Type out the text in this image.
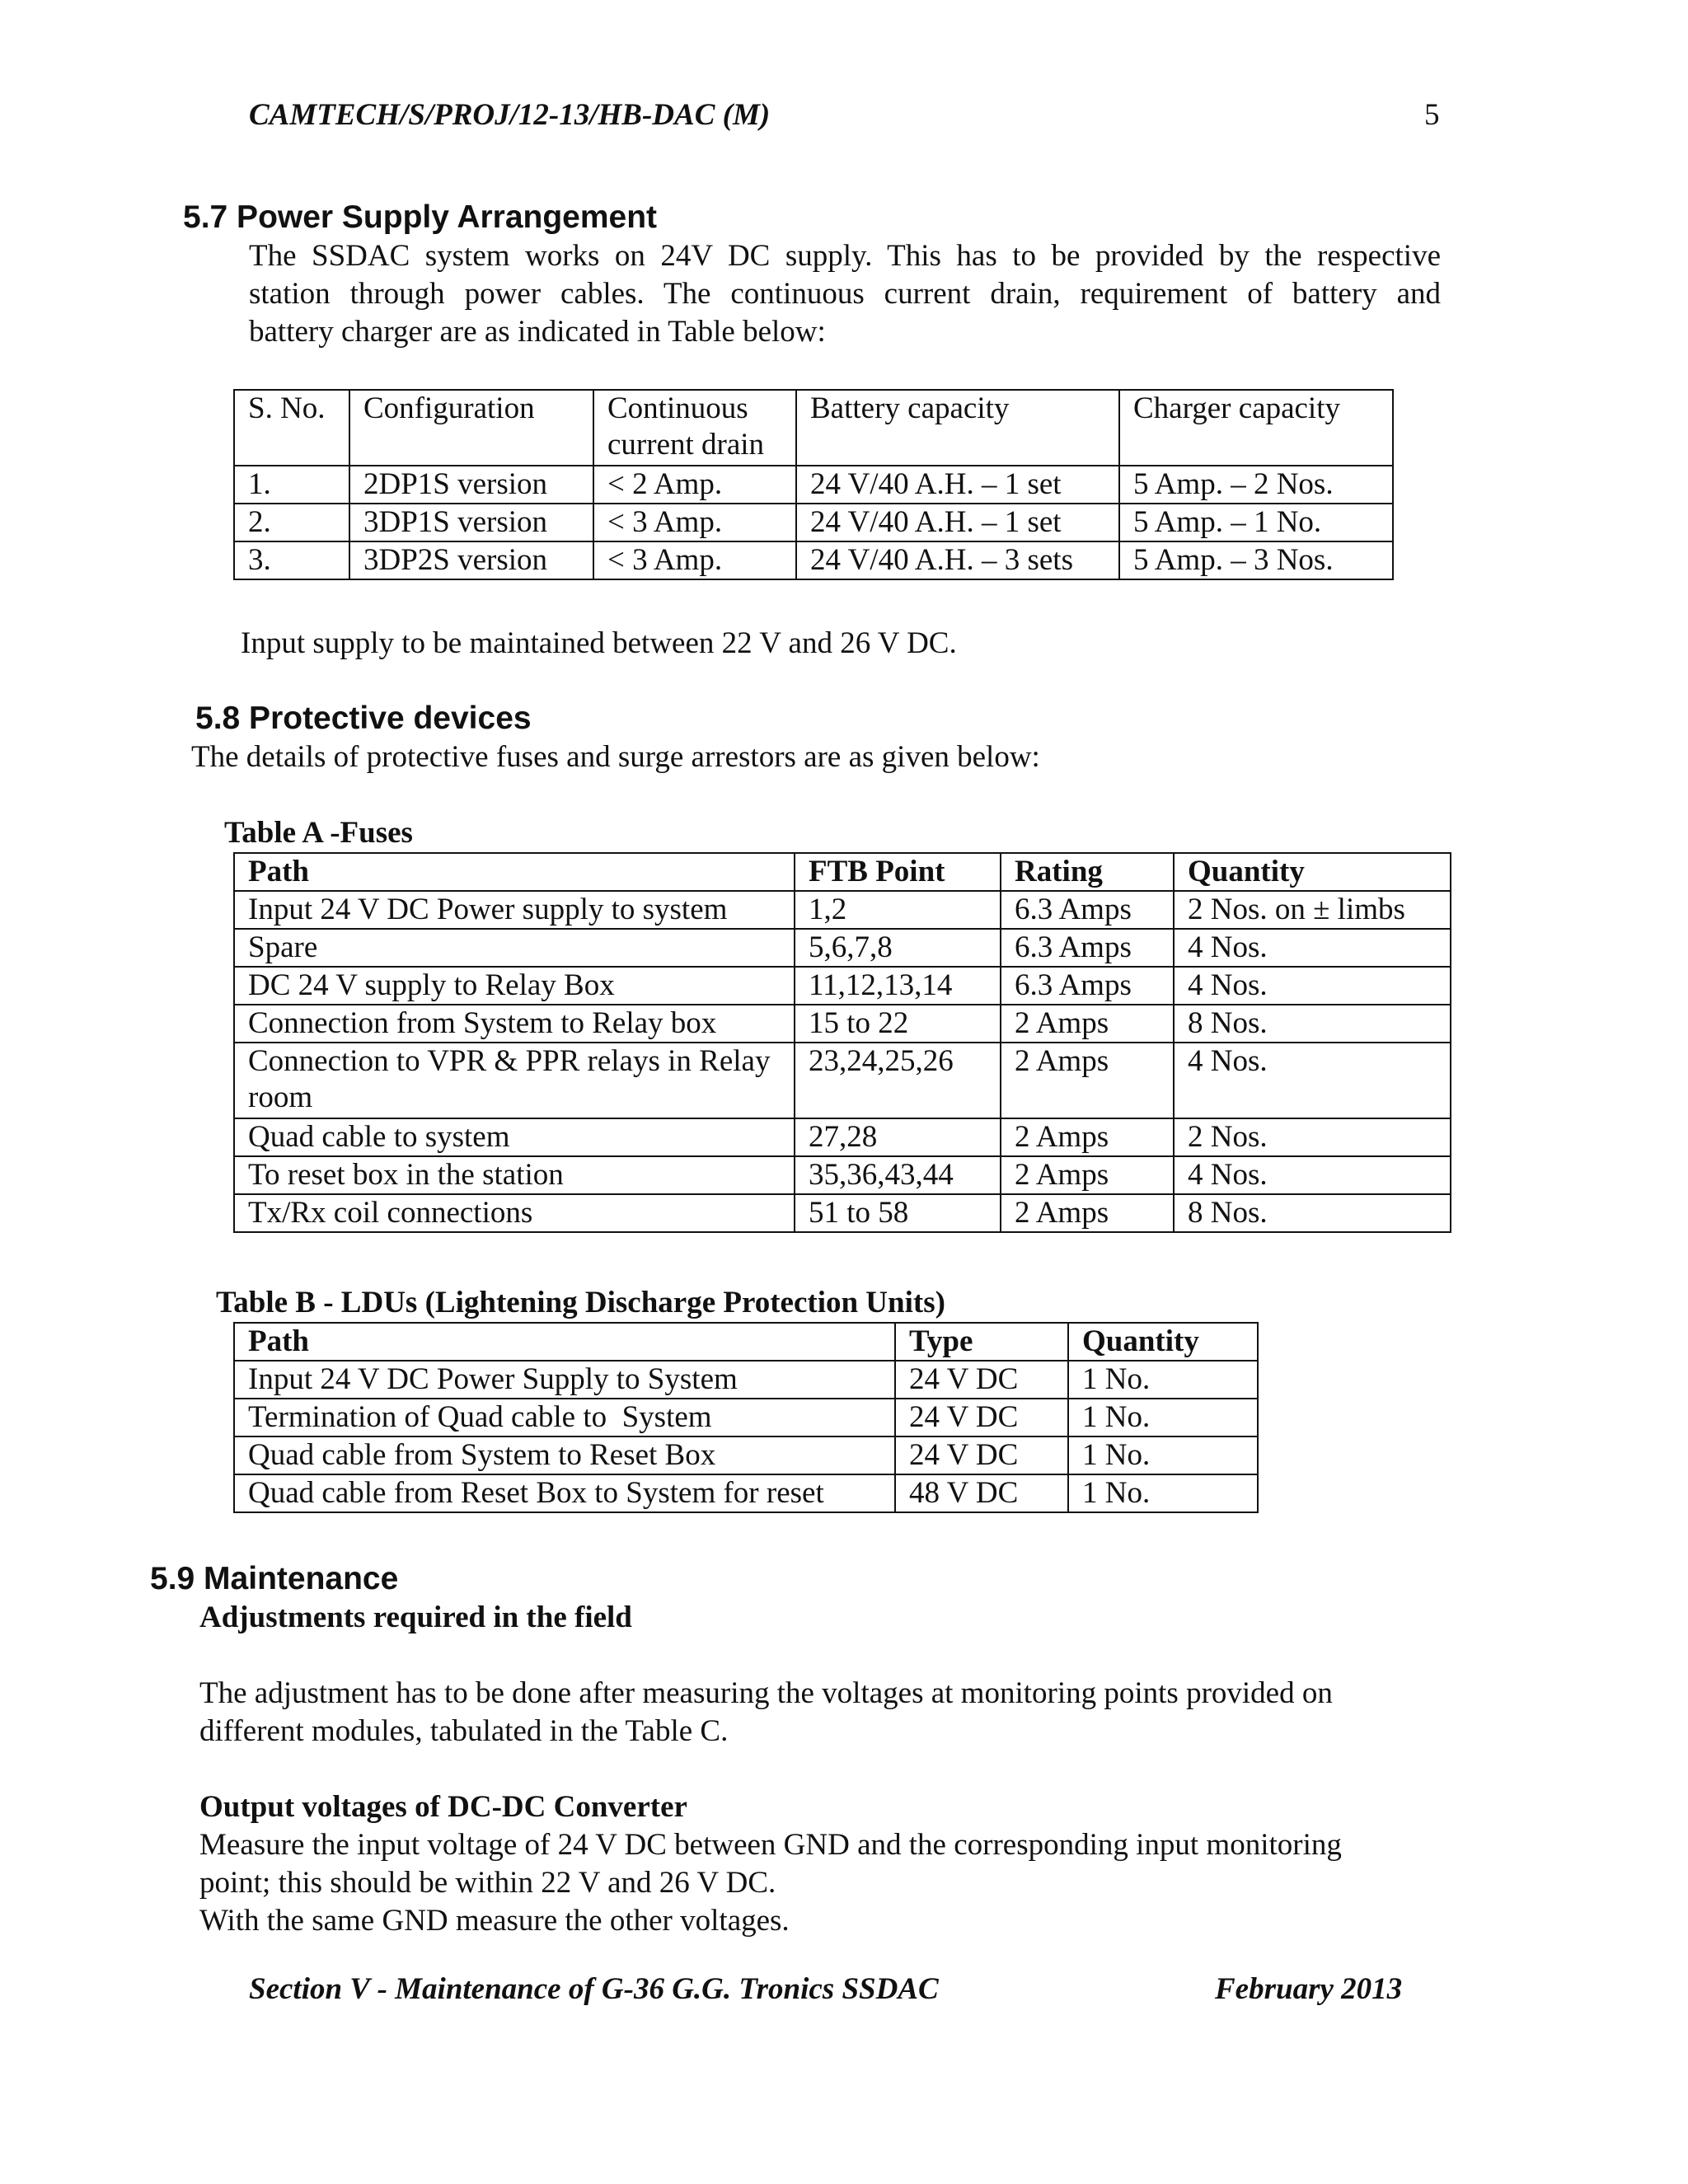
CAMTECH/S/PROJ/12-13/HB-DAC (M)	5
5.7 Power Supply Arrangement
The SSDAC system works on 24V DC supply. This has to be provided by the respective
station through power cables. The continuous current drain, requirement of battery and
battery charger are as indicated in Table below:
S. No.	Configuration	Continuous current drain	Battery capacity	Charger capacity
1.	2DP1S version	< 2 Amp.	24 V/40 A.H. – 1 set	5 Amp. – 2 Nos.
2.	3DP1S version	< 3 Amp.	24 V/40 A.H. – 1 set	5 Amp. – 1 No.
3.	3DP2S version	< 3 Amp.	24 V/40 A.H. – 3 sets	5 Amp. – 3 Nos.
Input supply to be maintained between 22 V and 26 V DC.
5.8 Protective devices
The details of protective fuses and surge arrestors are as given below:
Table A -Fuses
Path	FTB Point	Rating	Quantity
Input 24 V DC Power supply to system	1,2	6.3 Amps	2 Nos. on ± limbs
Spare	5,6,7,8	6.3 Amps	4 Nos.
DC 24 V supply to Relay Box	11,12,13,14	6.3 Amps	4 Nos.
Connection from System to Relay box	15 to 22	2 Amps	8 Nos.
Connection to VPR & PPR relays in Relay room	23,24,25,26	2 Amps	4 Nos.
Quad cable to system	27,28	2 Amps	2 Nos.
To reset box in the station	35,36,43,44	2 Amps	4 Nos.
Tx/Rx coil connections	51 to 58	2 Amps	8 Nos.
Table B - LDUs (Lightening Discharge Protection Units)
Path	Type	Quantity
Input 24 V DC Power Supply to System	24 V DC	1 No.
Termination of Quad cable to  System	24 V DC	1 No.
Quad cable from System to Reset Box	24 V DC	1 No.
Quad cable from Reset Box to System for reset	48 V DC	1 No.
5.9 Maintenance
Adjustments required in the field
The adjustment has to be done after measuring the voltages at monitoring points provided on
different modules, tabulated in the Table C.
Output voltages of DC-DC Converter
Measure the input voltage of 24 V DC between GND and the corresponding input monitoring
point; this should be within 22 V and 26 V DC.
With the same GND measure the other voltages.
Section V - Maintenance of G-36 G.G. Tronics SSDAC	February 2013
